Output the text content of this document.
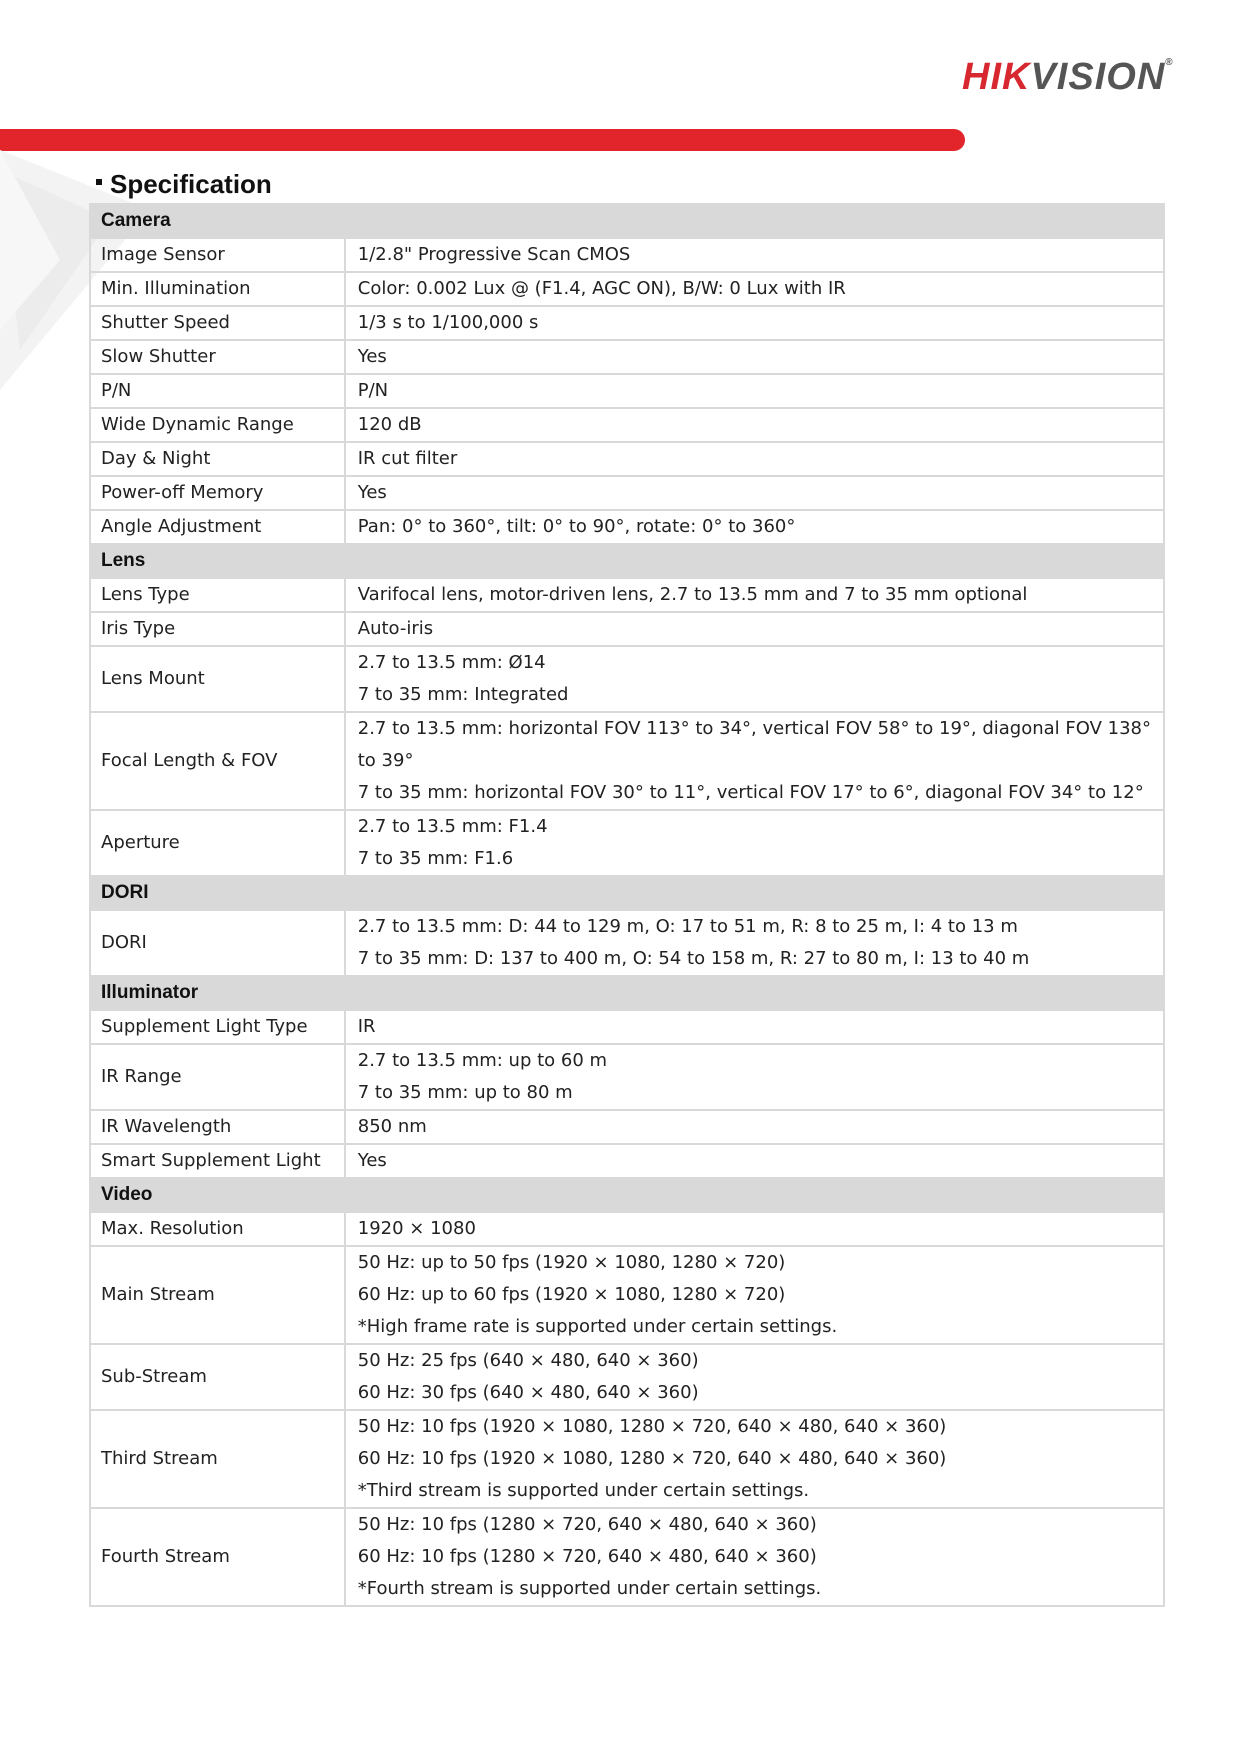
HIKVISION®
Specification
Camera	

Image Sensor	1/2.8" Progressive Scan CMOS

Min. Illumination	Color: 0.002 Lux @ (F1.4, AGC ON), B/W: 0 Lux with IR

Shutter Speed	1/3 s to 1/100,000 s

Slow Shutter	Yes

P/N	P/N

Wide Dynamic Range	120 dB

Day & Night	IR cut filter

Power-off Memory	Yes

Angle Adjustment	Pan: 0° to 360°, tilt: 0° to 90°, rotate: 0° to 360°

Lens	

Lens Type	Varifocal lens, motor-driven lens, 2.7 to 13.5 mm and 7 to 35 mm optional

Iris Type	Auto-iris

Lens Mount	2.7 to 13.5 mm: Ø14
7 to 35 mm: Integrated

Focal Length & FOV	2.7 to 13.5 mm: horizontal FOV 113° to 34°, vertical FOV 58° to 19°, diagonal FOV 138°
to 39°
7 to 35 mm: horizontal FOV 30° to 11°, vertical FOV 17° to 6°, diagonal FOV 34° to 12°

Aperture	2.7 to 13.5 mm: F1.4
7 to 35 mm: F1.6

DORI	

DORI	2.7 to 13.5 mm: D: 44 to 129 m, O: 17 to 51 m, R: 8 to 25 m, I: 4 to 13 m
7 to 35 mm: D: 137 to 400 m, O: 54 to 158 m, R: 27 to 80 m, I: 13 to 40 m

Illuminator	

Supplement Light Type	IR

IR Range	2.7 to 13.5 mm: up to 60 m
7 to 35 mm: up to 80 m

IR Wavelength	850 nm

Smart Supplement Light	Yes

Video	

Max. Resolution	1920 × 1080

Main Stream	50 Hz: up to 50 fps (1920 × 1080, 1280 × 720)
60 Hz: up to 60 fps (1920 × 1080, 1280 × 720)
*High frame rate is supported under certain settings.

Sub-Stream	50 Hz: 25 fps (640 × 480, 640 × 360)
60 Hz: 30 fps (640 × 480, 640 × 360)

Third Stream	50 Hz: 10 fps (1920 × 1080, 1280 × 720, 640 × 480, 640 × 360)
60 Hz: 10 fps (1920 × 1080, 1280 × 720, 640 × 480, 640 × 360)
*Third stream is supported under certain settings.

Fourth Stream	50 Hz: 10 fps (1280 × 720, 640 × 480, 640 × 360)
60 Hz: 10 fps (1280 × 720, 640 × 480, 640 × 360)
*Fourth stream is supported under certain settings.
